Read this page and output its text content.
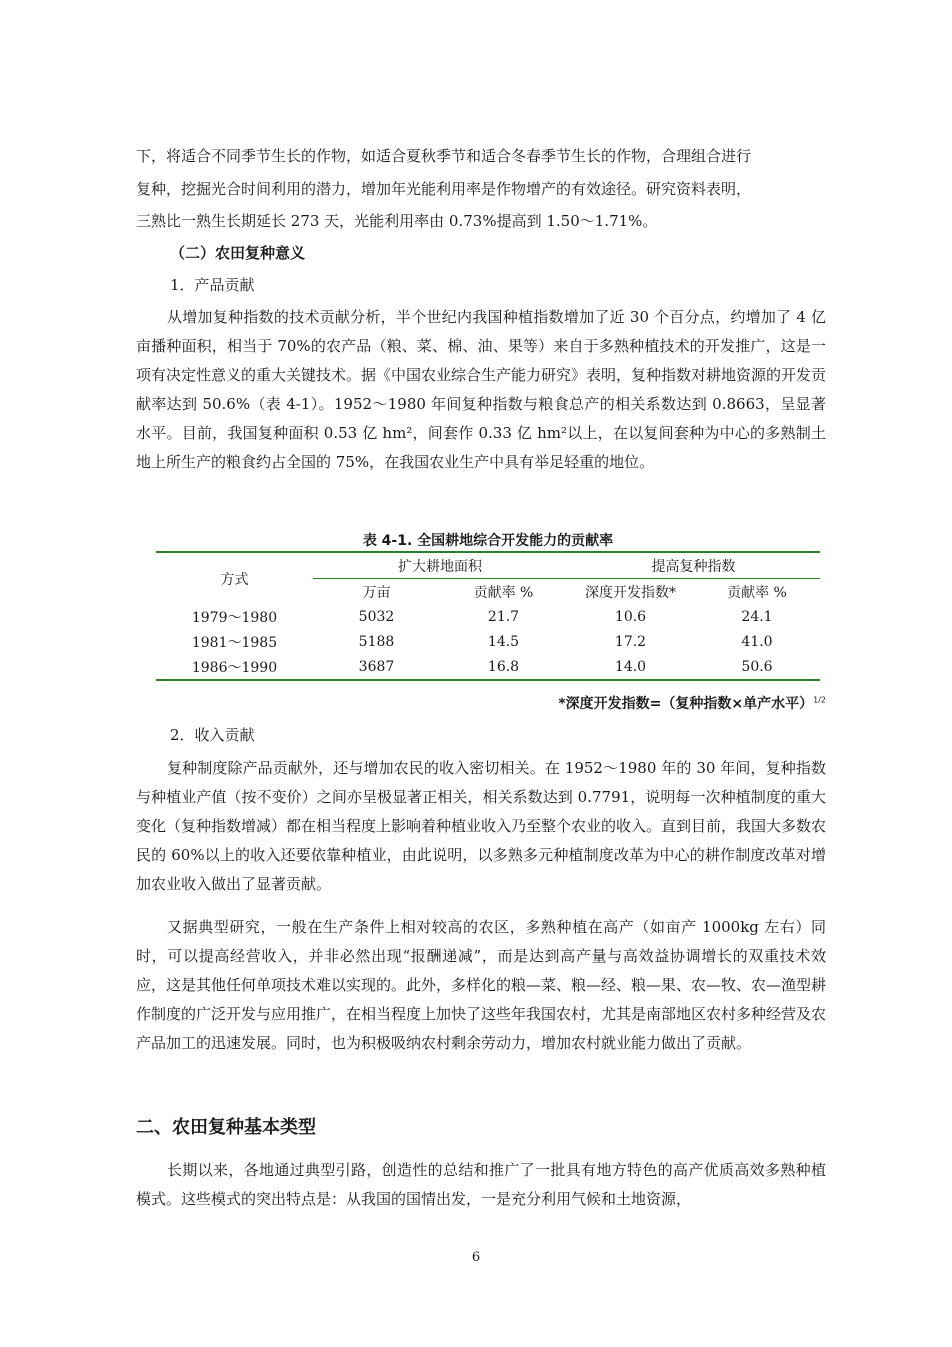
下，将适合不同季节生长的作物，如适合夏秋季节和适合冬春季节生长的作物，合理组合进行
复种，挖掘光合时间利用的潜力，增加年光能利用率是作物增产的有效途径。研究资料表明，
三熟比一熟生长期延长 273 天，光能利用率由 0.73%提高到 1.50～1.71%。
（二）农田复种意义
1．产品贡献

从增加复种指数的技术贡献分析，半个世纪内我国种植指数增加了近 30 个百分点，约增加了 4 亿亩播种面积，相当于 70%的农产品（粮、菜、棉、油、果等）来自于多熟种植技术的开发推广，这是一项有决定性意义的重大关键技术。据《中国农业综合生产能力研究》表明，复种指数对耕地资源的开发贡献率达到 50.6%（表 4-1）。1952～1980 年间复种指数与粮食总产的相关系数达到 0.8663，呈显著水平。目前，我国复种面积 0.53 亿 hm²，间套作 0.33 亿 hm²以上，在以复间套种为中心的多熟制土地上所生产的粮食约占全国的 75%，在我国农业生产中具有举足轻重的地位。

表 4-1. 全国耕地综合开发能力的贡献率
方式	扩大耕地面积		提高复种指数	
	万亩	贡献率 %	深度开发指数*	贡献率 %
1979～1980	5032	21.7	10.6	24.1
1981～1985	5188	14.5	17.2	41.0
1986～1990	3687	16.8	14.0	50.6
*深度开发指数=（复种指数×单产水平）$^{1/2}$
2．收入贡献

复种制度除产品贡献外，还与增加农民的收入密切相关。在 1952～1980 年的 30 年间，复种指数与种植业产值（按不变价）之间亦呈极显著正相关，相关系数达到 0.7791，说明每一次种植制度的重大变化（复种指数增减）都在相当程度上影响着种植业收入乃至整个农业的收入。直到目前，我国大多数农民的 60%以上的收入还要依靠种植业，由此说明，以多熟多元种植制度改革为中心的耕作制度改革对增加农业收入做出了显著贡献。

又据典型研究，一般在生产条件上相对较高的农区，多熟种植在高产（如亩产 1000kg 左右）同时，可以提高经营收入，并非必然出现“报酬递减”，而是达到高产量与高效益协调增长的双重技术效应，这是其他任何单项技术难以实现的。此外，多样化的粮—菜、粮—经、粮—果、农—牧、农—渔型耕作制度的广泛开发与应用推广，在相当程度上加快了这些年我国农村，尤其是南部地区农村多种经营及农产品加工的迅速发展。同时，也为积极吸纳农村剩余劳动力，增加农村就业能力做出了贡献。

二、农田复种基本类型

长期以来，各地通过典型引路，创造性的总结和推广了一批具有地方特色的高产优质高效多熟种植模式。这些模式的突出特点是：从我国的国情出发，一是充分利用气候和土地资源，

6
